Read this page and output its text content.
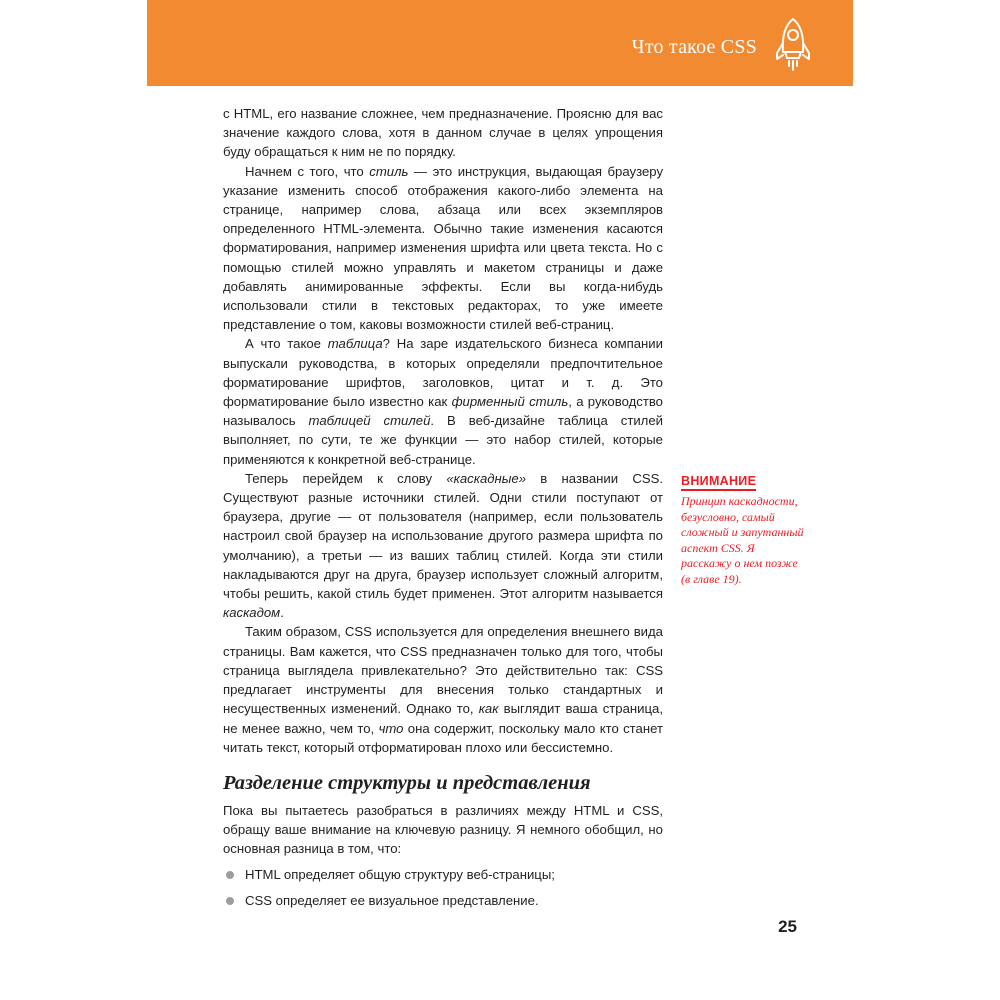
Что такое CSS

с HTML, его название сложнее, чем предназначение. Проясню для вас значение каждого слова, хотя в данном случае в целях упрощения буду обращаться к ним не по порядку.

Начнем с того, что стиль — это инструкция, выдающая браузеру указание изменить способ отображения какого-либо элемента на странице, например слова, абзаца или всех экземпляров определенного HTML-элемента. Обычно такие изменения касаются форматирования, например изменения шрифта или цвета текста. Но с помощью стилей можно управлять и макетом страницы и даже добавлять анимированные эффекты. Если вы когда-нибудь использовали стили в текстовых редакторах, то уже имеете представление о том, каковы возможности стилей веб-страниц.

А что такое таблица? На заре издательского бизнеса компании выпускали руководства, в которых определяли предпочтительное форматирование шрифтов, заголовков, цитат и т. д. Это форматирование было известно как фирменный стиль, а руководство называлось таблицей стилей. В веб-дизайне таблица стилей выполняет, по сути, те же функции — это набор стилей, которые применяются к конкретной веб-странице.

Теперь перейдем к слову «каскадные» в названии CSS. Существуют разные источники стилей. Одни стили поступают от браузера, другие — от пользователя (например, если пользователь настроил свой браузер на использование другого размера шрифта по умолчанию), а третьи — из ваших таблиц стилей. Когда эти стили накладываются друг на друга, браузер использует сложный алгоритм, чтобы решить, какой стиль будет применен. Этот алгоритм называется каскадом.

Таким образом, CSS используется для определения внешнего вида страницы. Вам кажется, что CSS предназначен только для того, чтобы страница выглядела привлекательно? Это действительно так: CSS предлагает инструменты для внесения только стандартных и несущественных изменений. Однако то, как выглядит ваша страница, не менее важно, чем то, что она содержит, поскольку мало кто станет читать текст, который отформатирован плохо или бессистемно.

Разделение структуры и представления

Пока вы пытаетесь разобраться в различиях между HTML и CSS, обращу ваше внимание на ключевую разницу. Я немного обобщил, но основная разница в том, что:

HTML определяет общую структуру веб-страницы;
CSS определяет ее визуальное представление.
ВНИМАНИЕ
Принцип каскадности, безусловно, самый сложный и запутанный аспект CSS. Я расскажу о нем позже (в главе 19).
25
